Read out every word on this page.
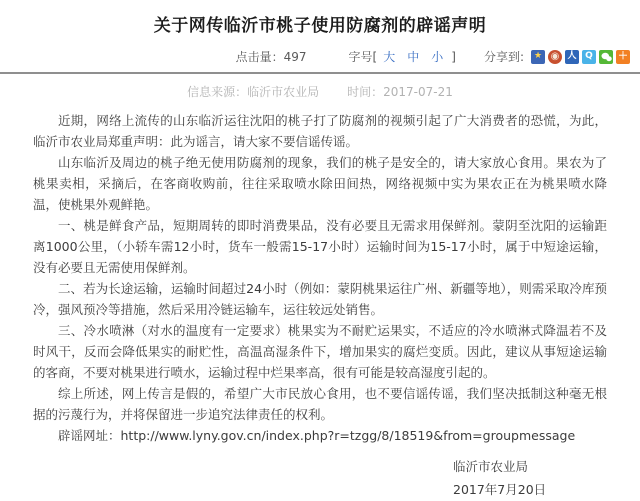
关于网传临沂市桃子使用防腐剂的辟谣声明
点击量： 497	字号[ 大 中 小 ] 分享到: ★ ◉ 人 Q	＋
信息来源：临沂市农业局 时间：2017-07-21

近期，网络上流传的山东临沂运往沈阳的桃子打了防腐剂的视频引起了广大消费者的恐慌，为此，临沂市农业局郑重声明：此为谣言，请大家不要信谣传谣。

山东临沂及周边的桃子绝无使用防腐剂的现象，我们的桃子是安全的，请大家放心食用。果农为了桃果卖相，采摘后，在客商收购前，往往采取喷水除田间热，网络视频中实为果农正在为桃果喷水降温，使桃果外观鲜艳。

一、桃是鲜食产品，短期周转的即时消费果品，没有必要且无需求用保鲜剂。蒙阴至沈阳的运输距离1000公里，（小轿车需12小时，货车一般需15-17小时）运输时间为15-17小时，属于中短途运输，没有必要且无需使用保鲜剂。

二、若为长途运输，运输时间超过24小时（例如：蒙阴桃果运往广州、新疆等地），则需采取冷库预冷，强风预冷等措施，然后采用冷链运输车，运往较远处销售。

三、冷水喷淋（对水的温度有一定要求）桃果实为不耐贮运果实，不适应的冷水喷淋式降温若不及时风干，反而会降低果实的耐贮性，高温高湿条件下，增加果实的腐烂变质。因此，建议从事短途运输的客商，不要对桃果进行喷水，运输过程中烂果率高，很有可能是较高湿度引起的。

综上所述，网上传言是假的，希望广大市民放心食用，也不要信谣传谣，我们坚决抵制这种毫无根据的污蔑行为，并将保留进一步追究法律责任的权利。

辟谣网址：http://www.lyny.gov.cn/index.php?r=tzgg/8/18519&from=groupmessage

临沂市农业局
2017年7月20日
